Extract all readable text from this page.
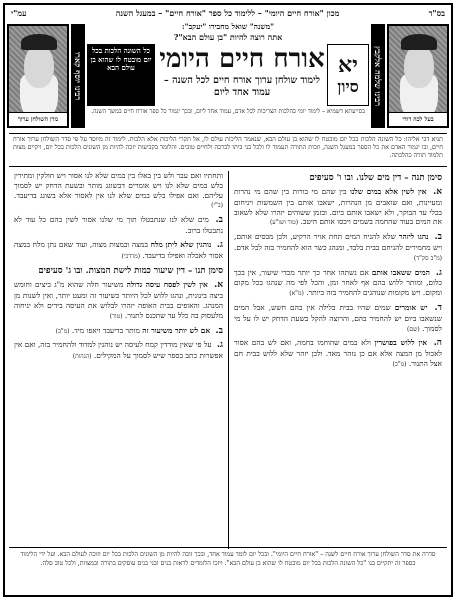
בס"ד
מכון "אורח חיים היומי" – ללימוד כל ספר "אורח חיים" – במעגל השנה
עמ"י
בעל לכה דודי
רבינו שלמה אלקבץ
"משנה" שואל מחבירו "יעקב":
אתה רוצה להיות "בן עולם הבא"?
יא
סיון
אורח חיים היומי
לימוד שולחן ערוך אורח חיים לכל השנה – עמוד אחד ליום
כל השונה הלכות בכל יום מובטח לו שהוא בן עולם הבא
בסייעתא דשמיא – לימוד יומי בהלכות הצריכות לכל אדם, עמוד אחד ליום, ובכך יגמור כל ספר אורח חיים במשך השנה.
רבינו יוסף קארו
מרן השולחן ערוך
תניא דבי אליהו: כל השונה הלכות בכל יום מובטח לו שהוא בן עולם הבא, שנאמר הליכות עולם לו, אל תקרי הליכות אלא הלכות. לימוד זה מיוסד על פי סדר השולחן ערוך אורח חיים, ובו יגמור האדם את כל הספר במעגל השנה, וזכות התורה תעמוד לו ולכל בני ביתו לברכה ולחיים טובים. והלומד בקביעות יזכה להיות מן השונים הלכות בכל יום, ויקיים מצות תלמוד תורה כהלכתה.
סימן תנה – דין מים שלנו. ובו ו' סעיפים
א. אין לשין אלא במים שלנו בין שהם מי בורות בין שהם מי נהרות ומעיינות, ואם שואבים מן הנהרות, ישאבו אותם בין השמשות ויניחום בכלי עד הבוקר, ולא ישאבו אותם ביום. ובזמן ששוהים יזהרו שלא לשאוב את המים בעוד שהחמה בשמים ויכסו אותם היטב. (טור ושו"ע)
ב. נהגו ליזהר שלא להניח המים תחת אויר הרקיע, ולכן מכסים אותם, ויש מחמירים להניחם בבית בלבד, ומנהג כשר הוא להחמיר בזה לכל אדם. (מ"ב סק"ד)
ג. המים ששאבו אותם אם נשתהו אחר כך יותר מכדי שיעור, אין בכך כלום, ומותר ללוש בהם אף לאחר זמן, והכל לפי מה שנהגו בכל מקום ומקום. ויש מקומות שנוהגים להחמיר בזה ביותר. (מ"א)
ד. יש אומרים שמים שהיו בבית בלילה אין בהם חשש, אבל המים שנשאבו ביום יש להחמיר בהם, והרוצה להקל בשעת הדחק יש לו על מי לסמוך. (שם)
ה. אין ללוש בפושרין ולא במים שהוחמו בחמה, ואם לש בהם אסור לאכול מן המצה אלא אם כן נזהר מאד. ולכן יזהר שלא ללוש בבית חם אצל התנור. (מ"ב)
ותחתיו ואם עבר ולש בין באלו בין במים שלא לנו אסור ויש חולקין ומתירין בלש במים שלא לנו ויש אומרים דבשוגג מותר ובשעת הדחק יש לסמוך עליהם. ואם אפילו בלש במים שלא לנו אין לאסור אלא בשוגג בדיעבד. (ב"י)
ב. מים שלא לנו שנתבטלו תוך מי שלנו אסור לשין בהם כל עוד לא נתבטלו ברוב.
ג. נוהגין שלא ליתן מלח במצה ובמצות מצוה, ועוד שאם נתן מלח במצה אסור לאכלה ואפילו בדיעבד. (מרדכי)
סימן תנו – דין שיעור כמות לישת המצות. ובו ג' סעיפים
א. אין לשין לפסח עיסה גדולה משיעור חלה שהוא מ"ג ביצים וחומש ביצה בינונית, ונהגו ללוש לכל היותר כשיעור זה ומעט יותר, ואין לשנות מן המנהג. והאופים בבית האופה יזהרו לבלוש את העיסה בידים ולא יניחוה מלעסוק בה כלל עד שתכנס לתנור. (טור)
ב. אם לש יותר משיעור זה מותר בדיעבד ויאפו מיד. (מ"ב)
ג. על פי שאין מודדין קמח לעיסה יש נוהגין למדוד ולהחמיר בזה, ואם אין אפשרות כתב בספר שיש לסמוך על המקילים. (הגהות)
סדרה את סדר השולחן ערוך אורח חיים לשנה – "אורח חיים היומי". ובכל יום לומד עמוד אחד, ובכך זוכה להיות מן השונים הלכות בכל יום וזוכה לעולם הבא. ועל ידי הלימוד בספר זה יתקיים בנו "כל השונה הלכות בכל יום מובטח לו שהוא בן עולם הבא". ויזכו הלומדים לראות בנים ובני בנים עוסקים בתורה ובמצוות, ולכל טוב סלה.
